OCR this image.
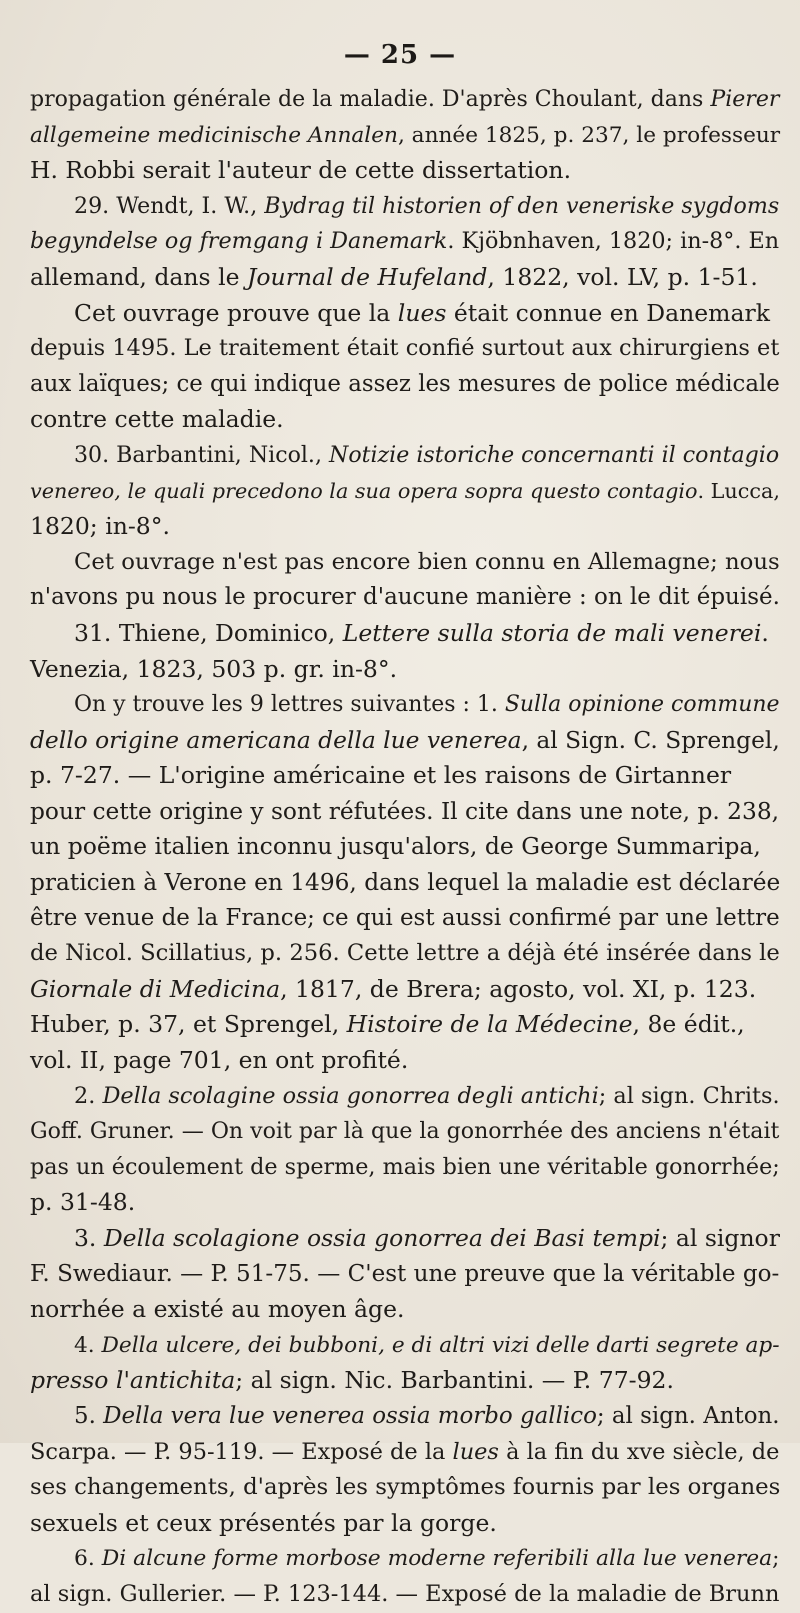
— 25 —
propagation générale de la maladie. D'après Choulant, dans Pierer
allgemeine medicinische Annalen, année 1825, p. 237, le professeur
H. Robbi serait l'auteur de cette dissertation.
29. Wendt, I. W., Bydrag til historien of den veneriske sygdoms
begyndelse og fremgang i Danemark. Kjöbnhaven, 1820; in-8°. En
allemand, dans le Journal de Hufeland, 1822, vol. LV, p. 1-51.
Cet ouvrage prouve que la lues était connue en Danemark
depuis 1495. Le traitement était confié surtout aux chirurgiens et
aux laïques; ce qui indique assez les mesures de police médicale
contre cette maladie.
30. Barbantini, Nicol., Notizie istoriche concernanti il contagio
venereo, le quali precedono la sua opera sopra questo contagio. Lucca,
1820; in-8°.
Cet ouvrage n'est pas encore bien connu en Allemagne; nous
n'avons pu nous le procurer d'aucune manière : on le dit épuisé.
31. Thiene, Dominico, Lettere sulla storia de mali venerei.
Venezia, 1823, 503 p. gr. in-8°.
On y trouve les 9 lettres suivantes : 1. Sulla opinione commune
dello origine americana della lue venerea, al Sign. C. Sprengel,
p. 7-27. — L'origine américaine et les raisons de Girtanner
pour cette origine y sont réfutées. Il cite dans une note, p. 238,
un poëme italien inconnu jusqu'alors, de George Summaripa,
praticien à Verone en 1496, dans lequel la maladie est déclarée
être venue de la France; ce qui est aussi confirmé par une lettre
de Nicol. Scillatius, p. 256. Cette lettre a déjà été insérée dans le
Giornale di Medicina, 1817, de Brera; agosto, vol. XI, p. 123.
Huber, p. 37, et Sprengel, Histoire de la Médecine, 8e édit.,
vol. II, page 701, en ont profité.
2. Della scolagine ossia gonorrea degli antichi; al sign. Chrits.
Goff. Gruner. — On voit par là que la gonorrhée des anciens n'était
pas un écoulement de sperme, mais bien une véritable gonorrhée;
p. 31-48.
3. Della scolagione ossia gonorrea dei Basi tempi; al signor
F. Swediaur. — P. 51-75. — C'est une preuve que la véritable go-
norrhée a existé au moyen âge.
4. Della ulcere, dei bubboni, e di altri vizi delle darti segrete ap-
presso l'antichita; al sign. Nic. Barbantini. — P. 77-92.
5. Della vera lue venerea ossia morbo gallico; al sign. Anton.
Scarpa. — P. 95-119. — Exposé de la lues à la fin du xve siècle, de
ses changements, d'après les symptômes fournis par les organes
sexuels et ceux présentés par la gorge.
6. Di alcune forme morbose moderne referibili alla lue venerea;
al sign. Gullerier. — P. 123-144. — Exposé de la maladie de Brunn
